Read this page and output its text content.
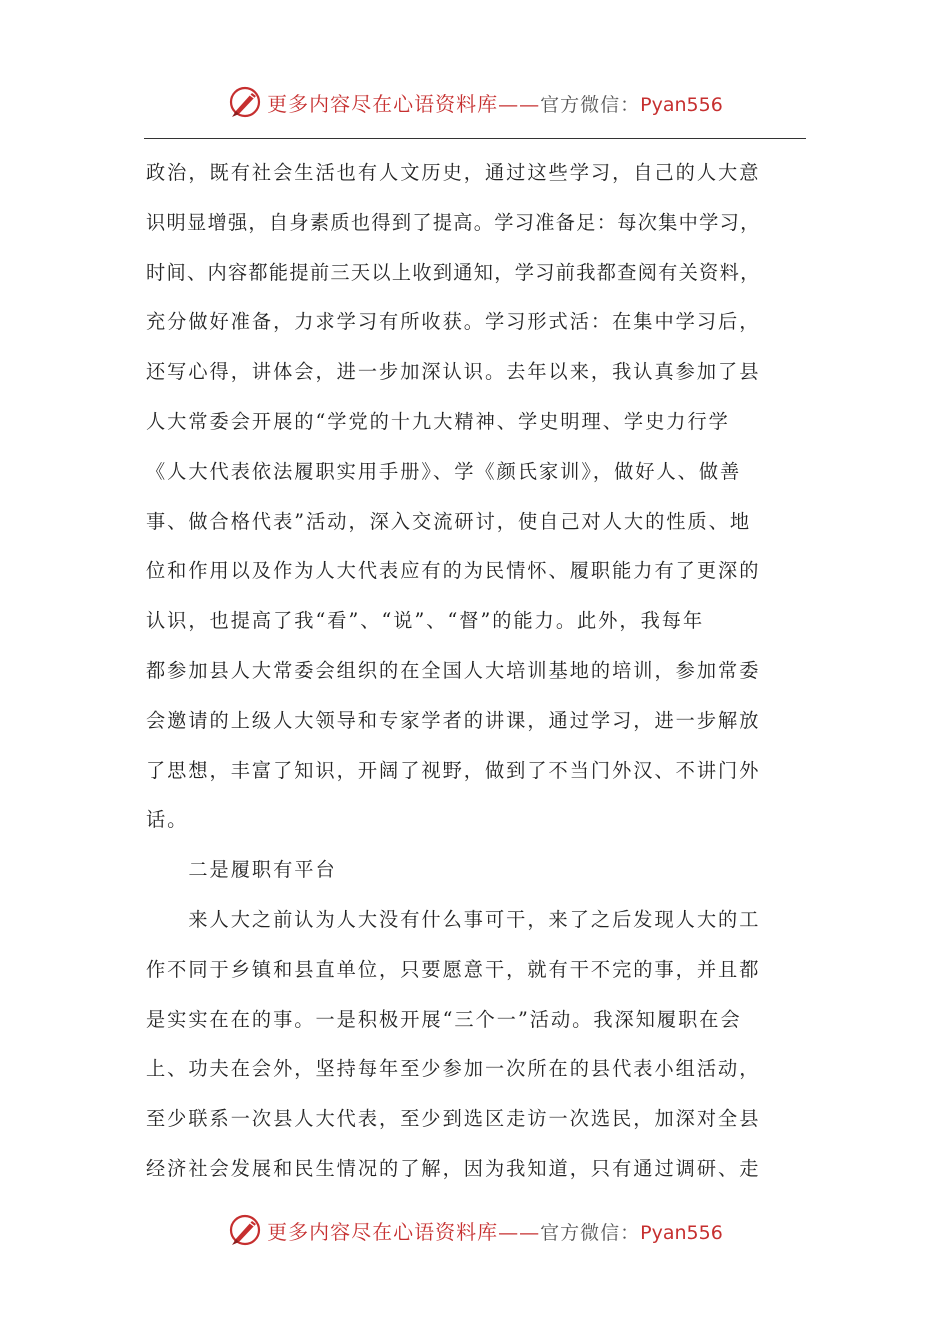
更多内容尽在心语资料库——官方微信：Pyan556

政治，既有社会生活也有人文历史，通过这些学习，自己的人大意

识明显增强，自身素质也得到了提高。学习准备足：每次集中学习，

时间、内容都能提前三天以上收到通知，学习前我都查阅有关资料，

充分做好准备，力求学习有所收获。学习形式活：在集中学习后，

还写心得，讲体会，进一步加深认识。去年以来，我认真参加了县

人大常委会开展的“学党的十九大精神、学史明理、学史力行学

《人大代表依法履职实用手册》、学《颜氏家训》，做好人、做善

事、做合格代表”活动，深入交流研讨，使自己对人大的性质、地

位和作用以及作为人大代表应有的为民情怀、履职能力有了更深的

认识，也提高了我“看”、“说”、“督”的能力。此外，我每年

都参加县人大常委会组织的在全国人大培训基地的培训，参加常委

会邀请的上级人大领导和专家学者的讲课，通过学习，进一步解放

了思想，丰富了知识，开阔了视野，做到了不当门外汉、不讲门外

话。

　　二是履职有平台

　　来人大之前认为人大没有什么事可干，来了之后发现人大的工

作不同于乡镇和县直单位，只要愿意干，就有干不完的事，并且都

是实实在在的事。一是积极开展“三个一”活动。我深知履职在会

上、功夫在会外，坚持每年至少参加一次所在的县代表小组活动，

至少联系一次县人大代表，至少到选区走访一次选民，加深对全县

经济社会发展和民生情况的了解，因为我知道，只有通过调研、走

更多内容尽在心语资料库——官方微信：Pyan556
